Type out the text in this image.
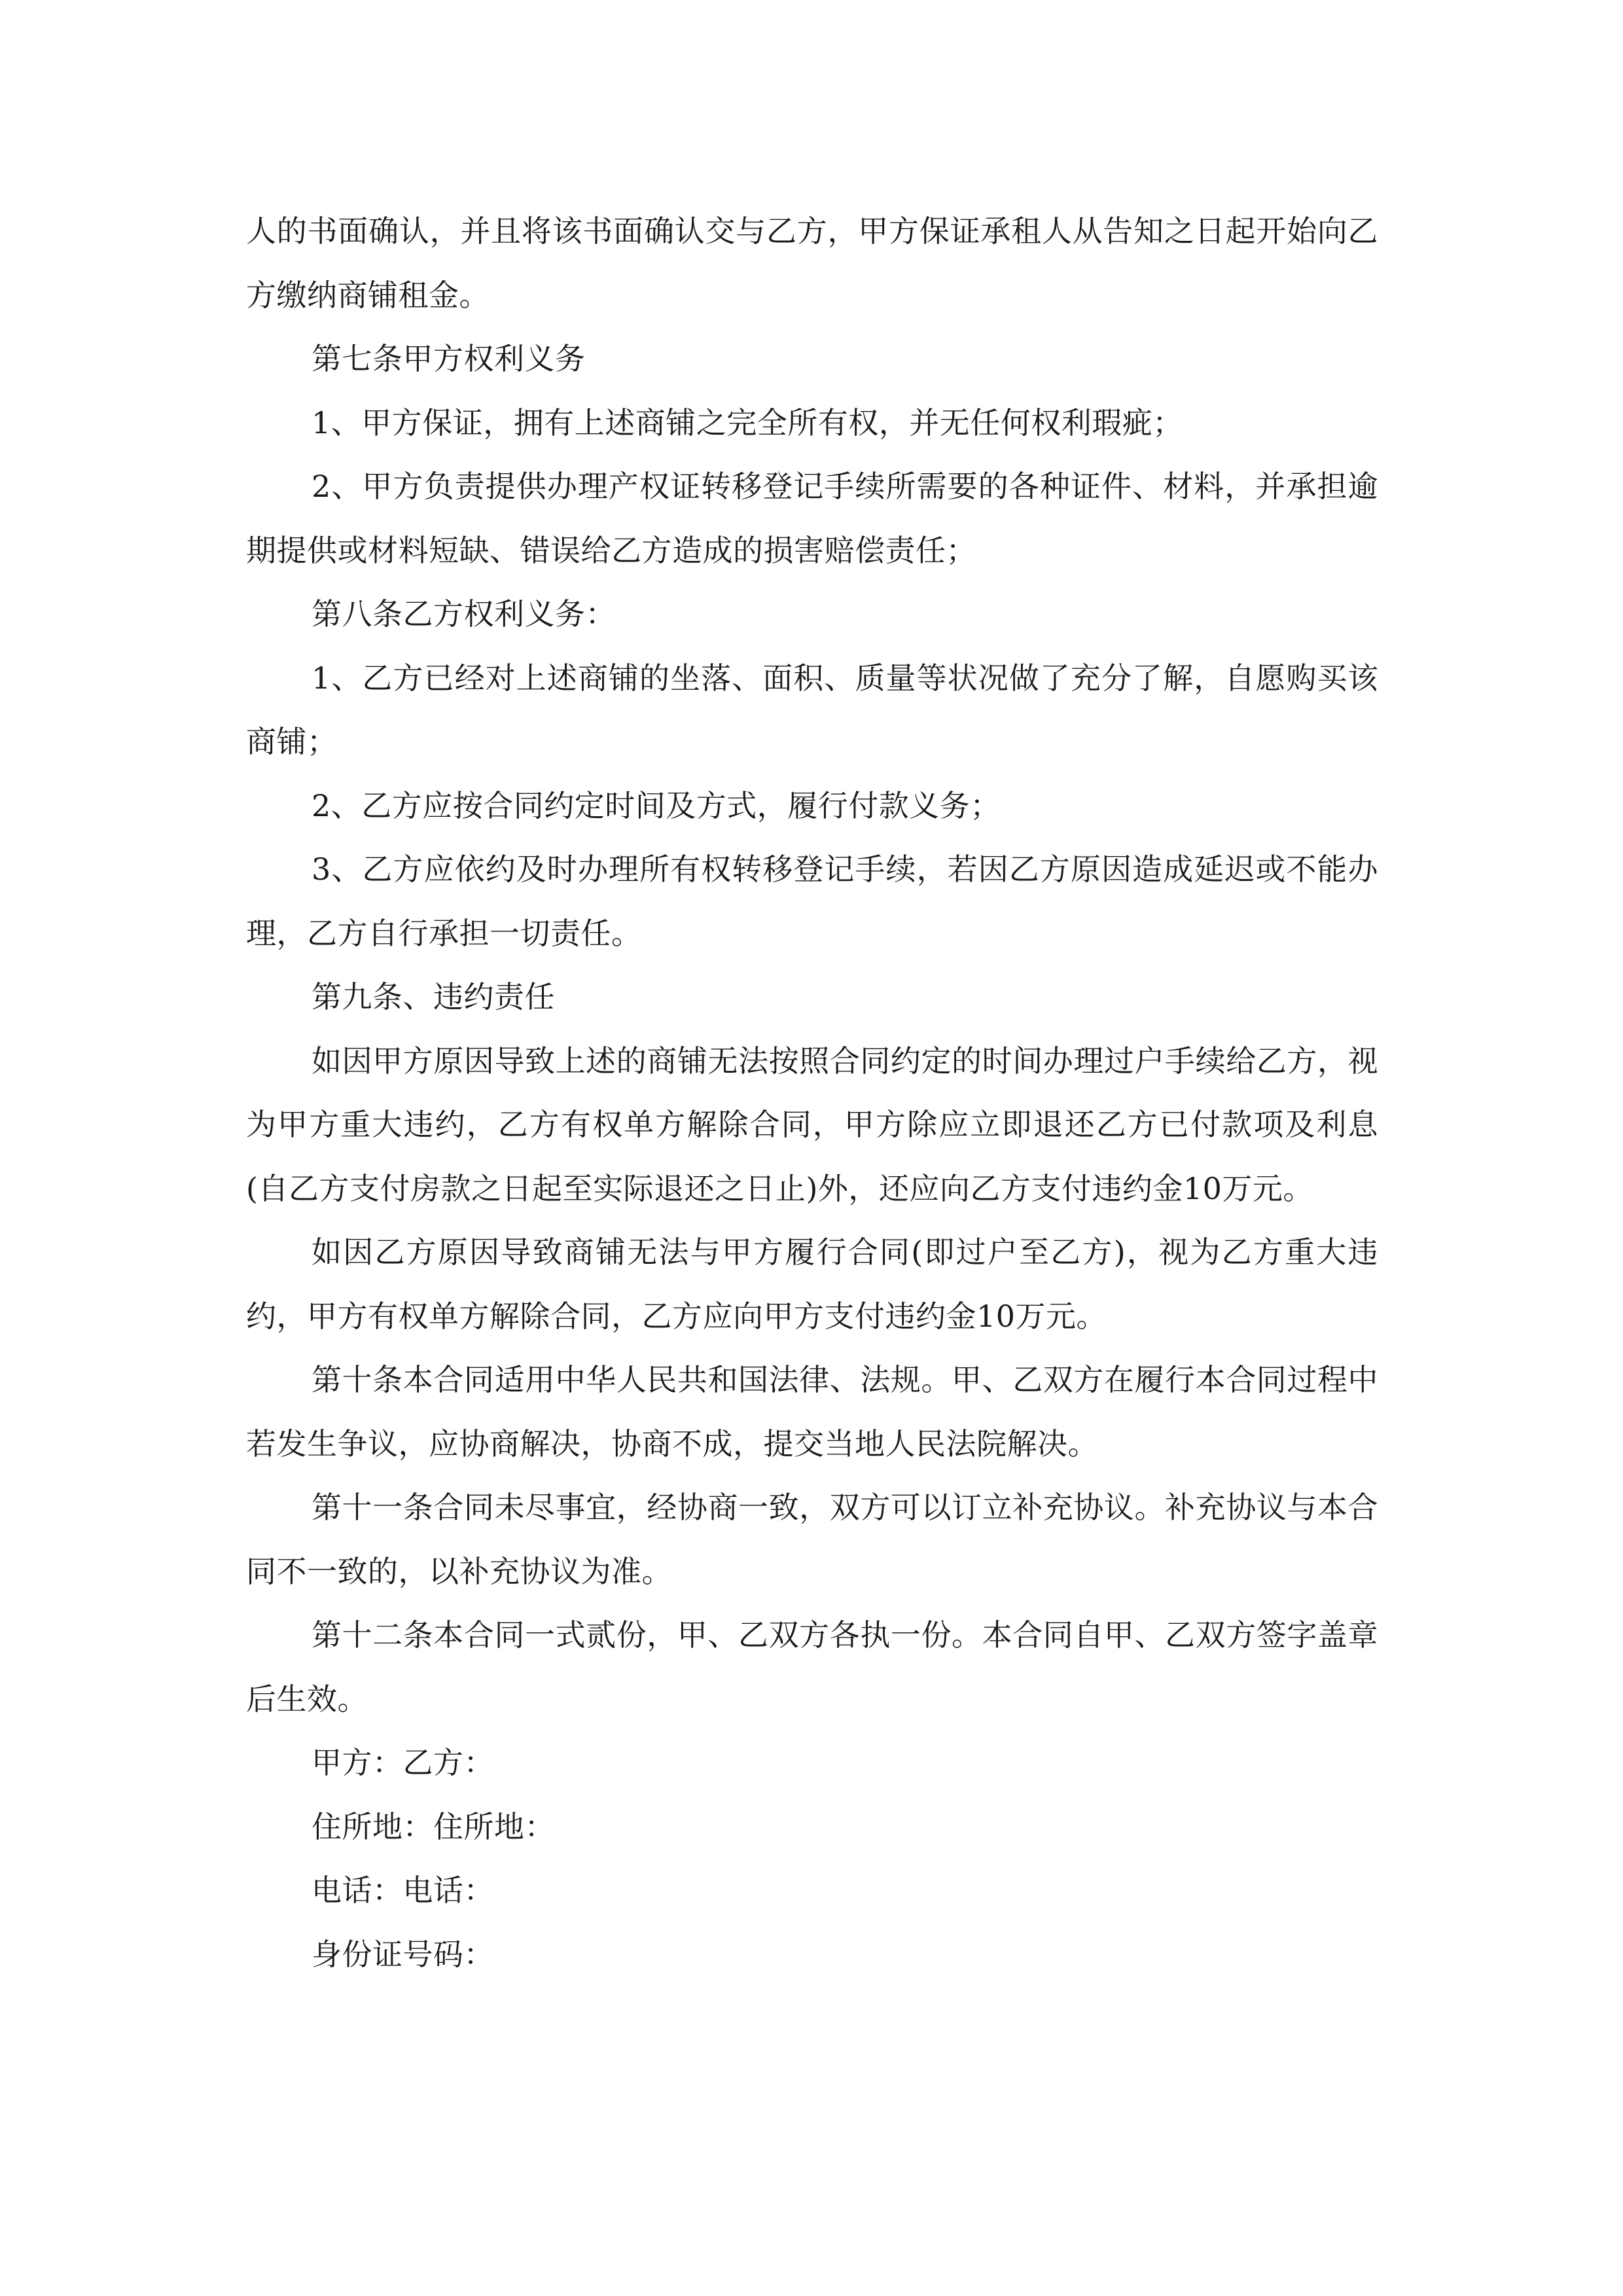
人的书面确认，并且将该书面确认交与乙方，甲方保证承租人从告知之日起开始向乙方缴纳商铺租金。

第七条甲方权利义务

1、甲方保证，拥有上述商铺之完全所有权，并无任何权利瑕疵；

2、甲方负责提供办理产权证转移登记手续所需要的各种证件、材料，并承担逾期提供或材料短缺、错误给乙方造成的损害赔偿责任；

第八条乙方权利义务：

1、乙方已经对上述商铺的坐落、面积、质量等状况做了充分了解，自愿购买该商铺；

2、乙方应按合同约定时间及方式，履行付款义务；

3、乙方应依约及时办理所有权转移登记手续，若因乙方原因造成延迟或不能办理，乙方自行承担一切责任。

第九条、违约责任

如因甲方原因导致上述的商铺无法按照合同约定的时间办理过户手续给乙方，视为甲方重大违约，乙方有权单方解除合同，甲方除应立即退还乙方已付款项及利息(自乙方支付房款之日起至实际退还之日止)外，还应向乙方支付违约金10万元。

如因乙方原因导致商铺无法与甲方履行合同(即过户至乙方)，视为乙方重大违约，甲方有权单方解除合同，乙方应向甲方支付违约金10万元。

第十条本合同适用中华人民共和国法律、法规。甲、乙双方在履行本合同过程中若发生争议，应协商解决，协商不成，提交当地人民法院解决。

第十一条合同未尽事宜，经协商一致，双方可以订立补充协议。补充协议与本合同不一致的，以补充协议为准。

第十二条本合同一式贰份，甲、乙双方各执一份。本合同自甲、乙双方签字盖章后生效。

甲方：乙方：

住所地：住所地：

电话：电话：

身份证号码：
